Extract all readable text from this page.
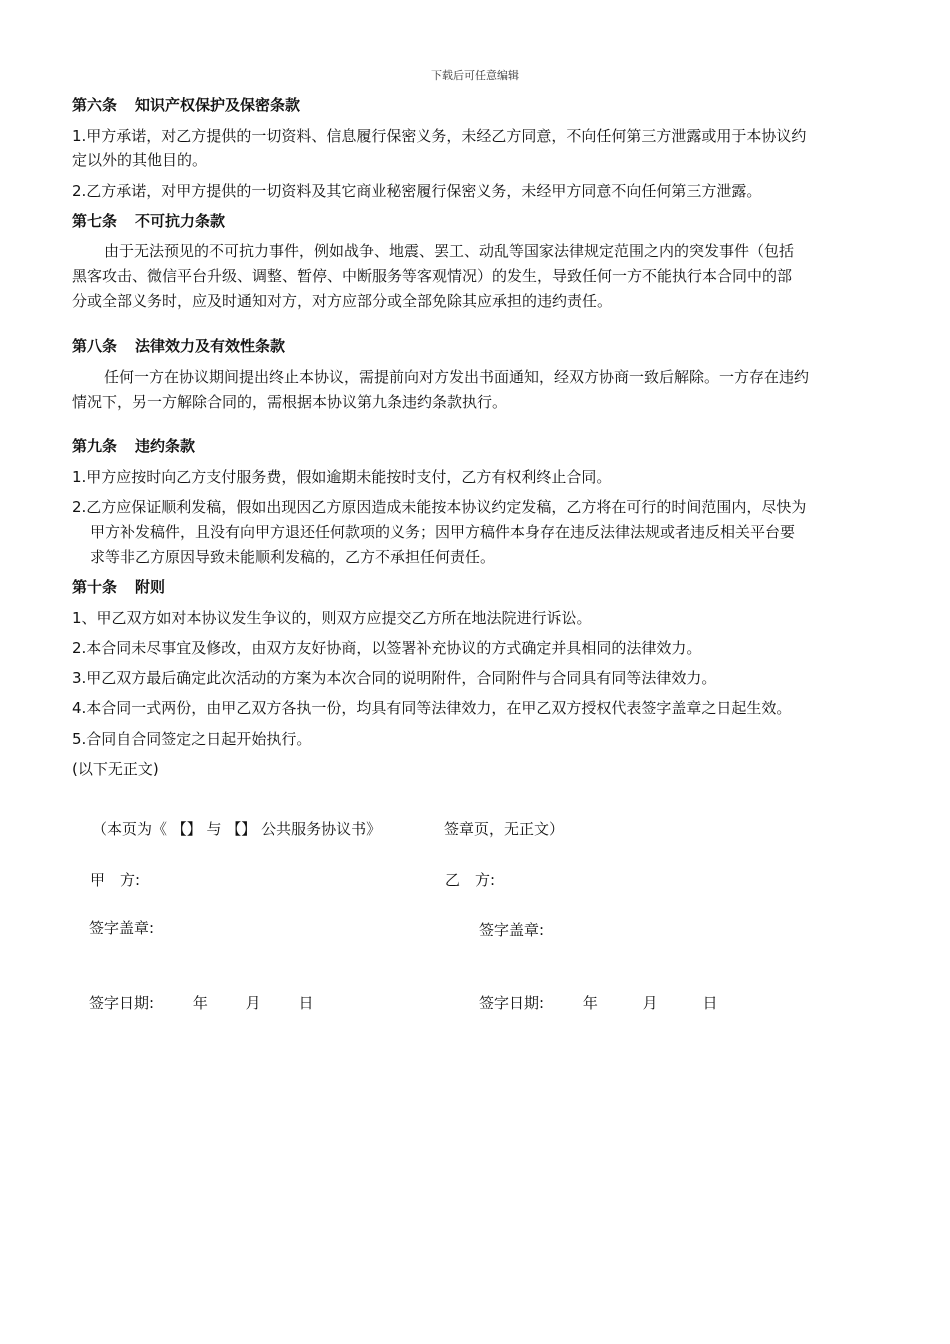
下载后可任意编辑
第六条 知识产权保护及保密条款
1.甲方承诺，对乙方提供的一切资料、信息履行保密义务，未经乙方同意，不向任何第三方泄露或用于本协议约
定以外的其他目的。
2.乙方承诺，对甲方提供的一切资料及其它商业秘密履行保密义务，未经甲方同意不向任何第三方泄露。
第七条 不可抗力条款
由于无法预见的不可抗力事件，例如战争、地震、罢工、动乱等国家法律规定范围之内的突发事件（包括
黑客攻击、微信平台升级、调整、暂停、中断服务等客观情况）的发生，导致任何一方不能执行本合同中的部
分或全部义务时，应及时通知对方，对方应部分或全部免除其应承担的违约责任。
第八条 法律效力及有效性条款
任何一方在协议期间提出终止本协议，需提前向对方发出书面通知，经双方协商一致后解除。一方存在违约
情况下，另一方解除合同的，需根据本协议第九条违约条款执行。
第九条 违约条款
1.甲方应按时向乙方支付服务费，假如逾期未能按时支付，乙方有权利终止合同。
2.乙方应保证顺利发稿，假如出现因乙方原因造成未能按本协议约定发稿，乙方将在可行的时间范围内，尽快为
甲方补发稿件，且没有向甲方退还任何款项的义务；因甲方稿件本身存在违反法律法规或者违反相关平台要
求等非乙方原因导致未能顺利发稿的，乙方不承担任何责任。
第十条 附则
1、甲乙双方如对本协议发生争议的，则双方应提交乙方所在地法院进行诉讼。
2.本合同未尽事宜及修改，由双方友好协商，以签署补充协议的方式确定并具相同的法律效力。
3.甲乙双方最后确定此次活动的方案为本次合同的说明附件，合同附件与合同具有同等法律效力。
4.本合同一式两份，由甲乙双方各执一份，均具有同等法律效力，在甲乙双方授权代表签字盖章之日起生效。
5.合同自合同签定之日起开始执行。
(以下无正文)
（本页为《 【】 与 【】 公共服务协议书》	签章页，无正文）
甲　方:	乙　方:
签字盖章:	签字盖章:
签字日期:	年	月	日	签字日期:	年	月	日
